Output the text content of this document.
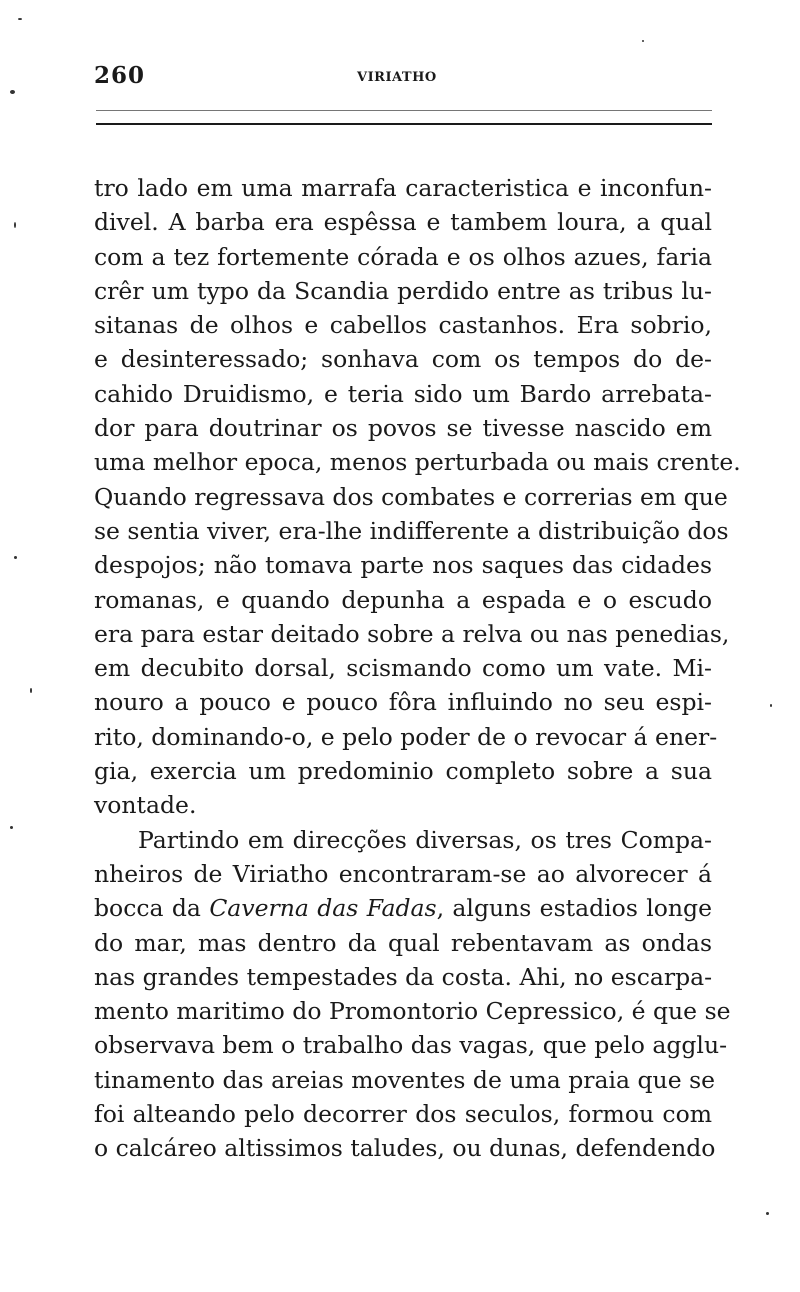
260	VIRIATHO
tro lado em uma marrafa caracteristica e inconfun-
divel. A barba era espêssa e tambem loura, a qual
com a tez fortemente córada e os olhos azues, faria
crêr um typo da Scandia perdido entre as tribus lu-
sitanas de olhos e cabellos castanhos. Era sobrio,
e desinteressado; sonhava com os tempos do de-
cahido Druidismo, e teria sido um Bardo arrebata-
dor para doutrinar os povos se tivesse nascido em
uma melhor epoca, menos perturbada ou mais crente.
Quando regressava dos combates e correrias em que
se sentia viver, era-lhe indifferente a distribuição dos
despojos; não tomava parte nos saques das cidades
romanas, e quando depunha a espada e o escudo
era para estar deitado sobre a relva ou nas penedias,
em decubito dorsal, scismando como um vate. Mi-
nouro a pouco e pouco fôra influindo no seu espi-
rito, dominando-o, e pelo poder de o revocar á ener-
gia, exercia um predominio completo sobre a sua
vontade.
Partindo em direcções diversas, os tres Compa-
nheiros de Viriatho encontraram-se ao alvorecer á
bocca da Caverna das Fadas, alguns estadios longe
do mar, mas dentro da qual rebentavam as ondas
nas grandes tempestades da costa. Ahi, no escarpa-
mento maritimo do Promontorio Cepressico, é que se
observava bem o trabalho das vagas, que pelo agglu-
tinamento das areias moventes de uma praia que se
foi alteando pelo decorrer dos seculos, formou com
o calcáreo altissimos taludes, ou dunas, defendendo
